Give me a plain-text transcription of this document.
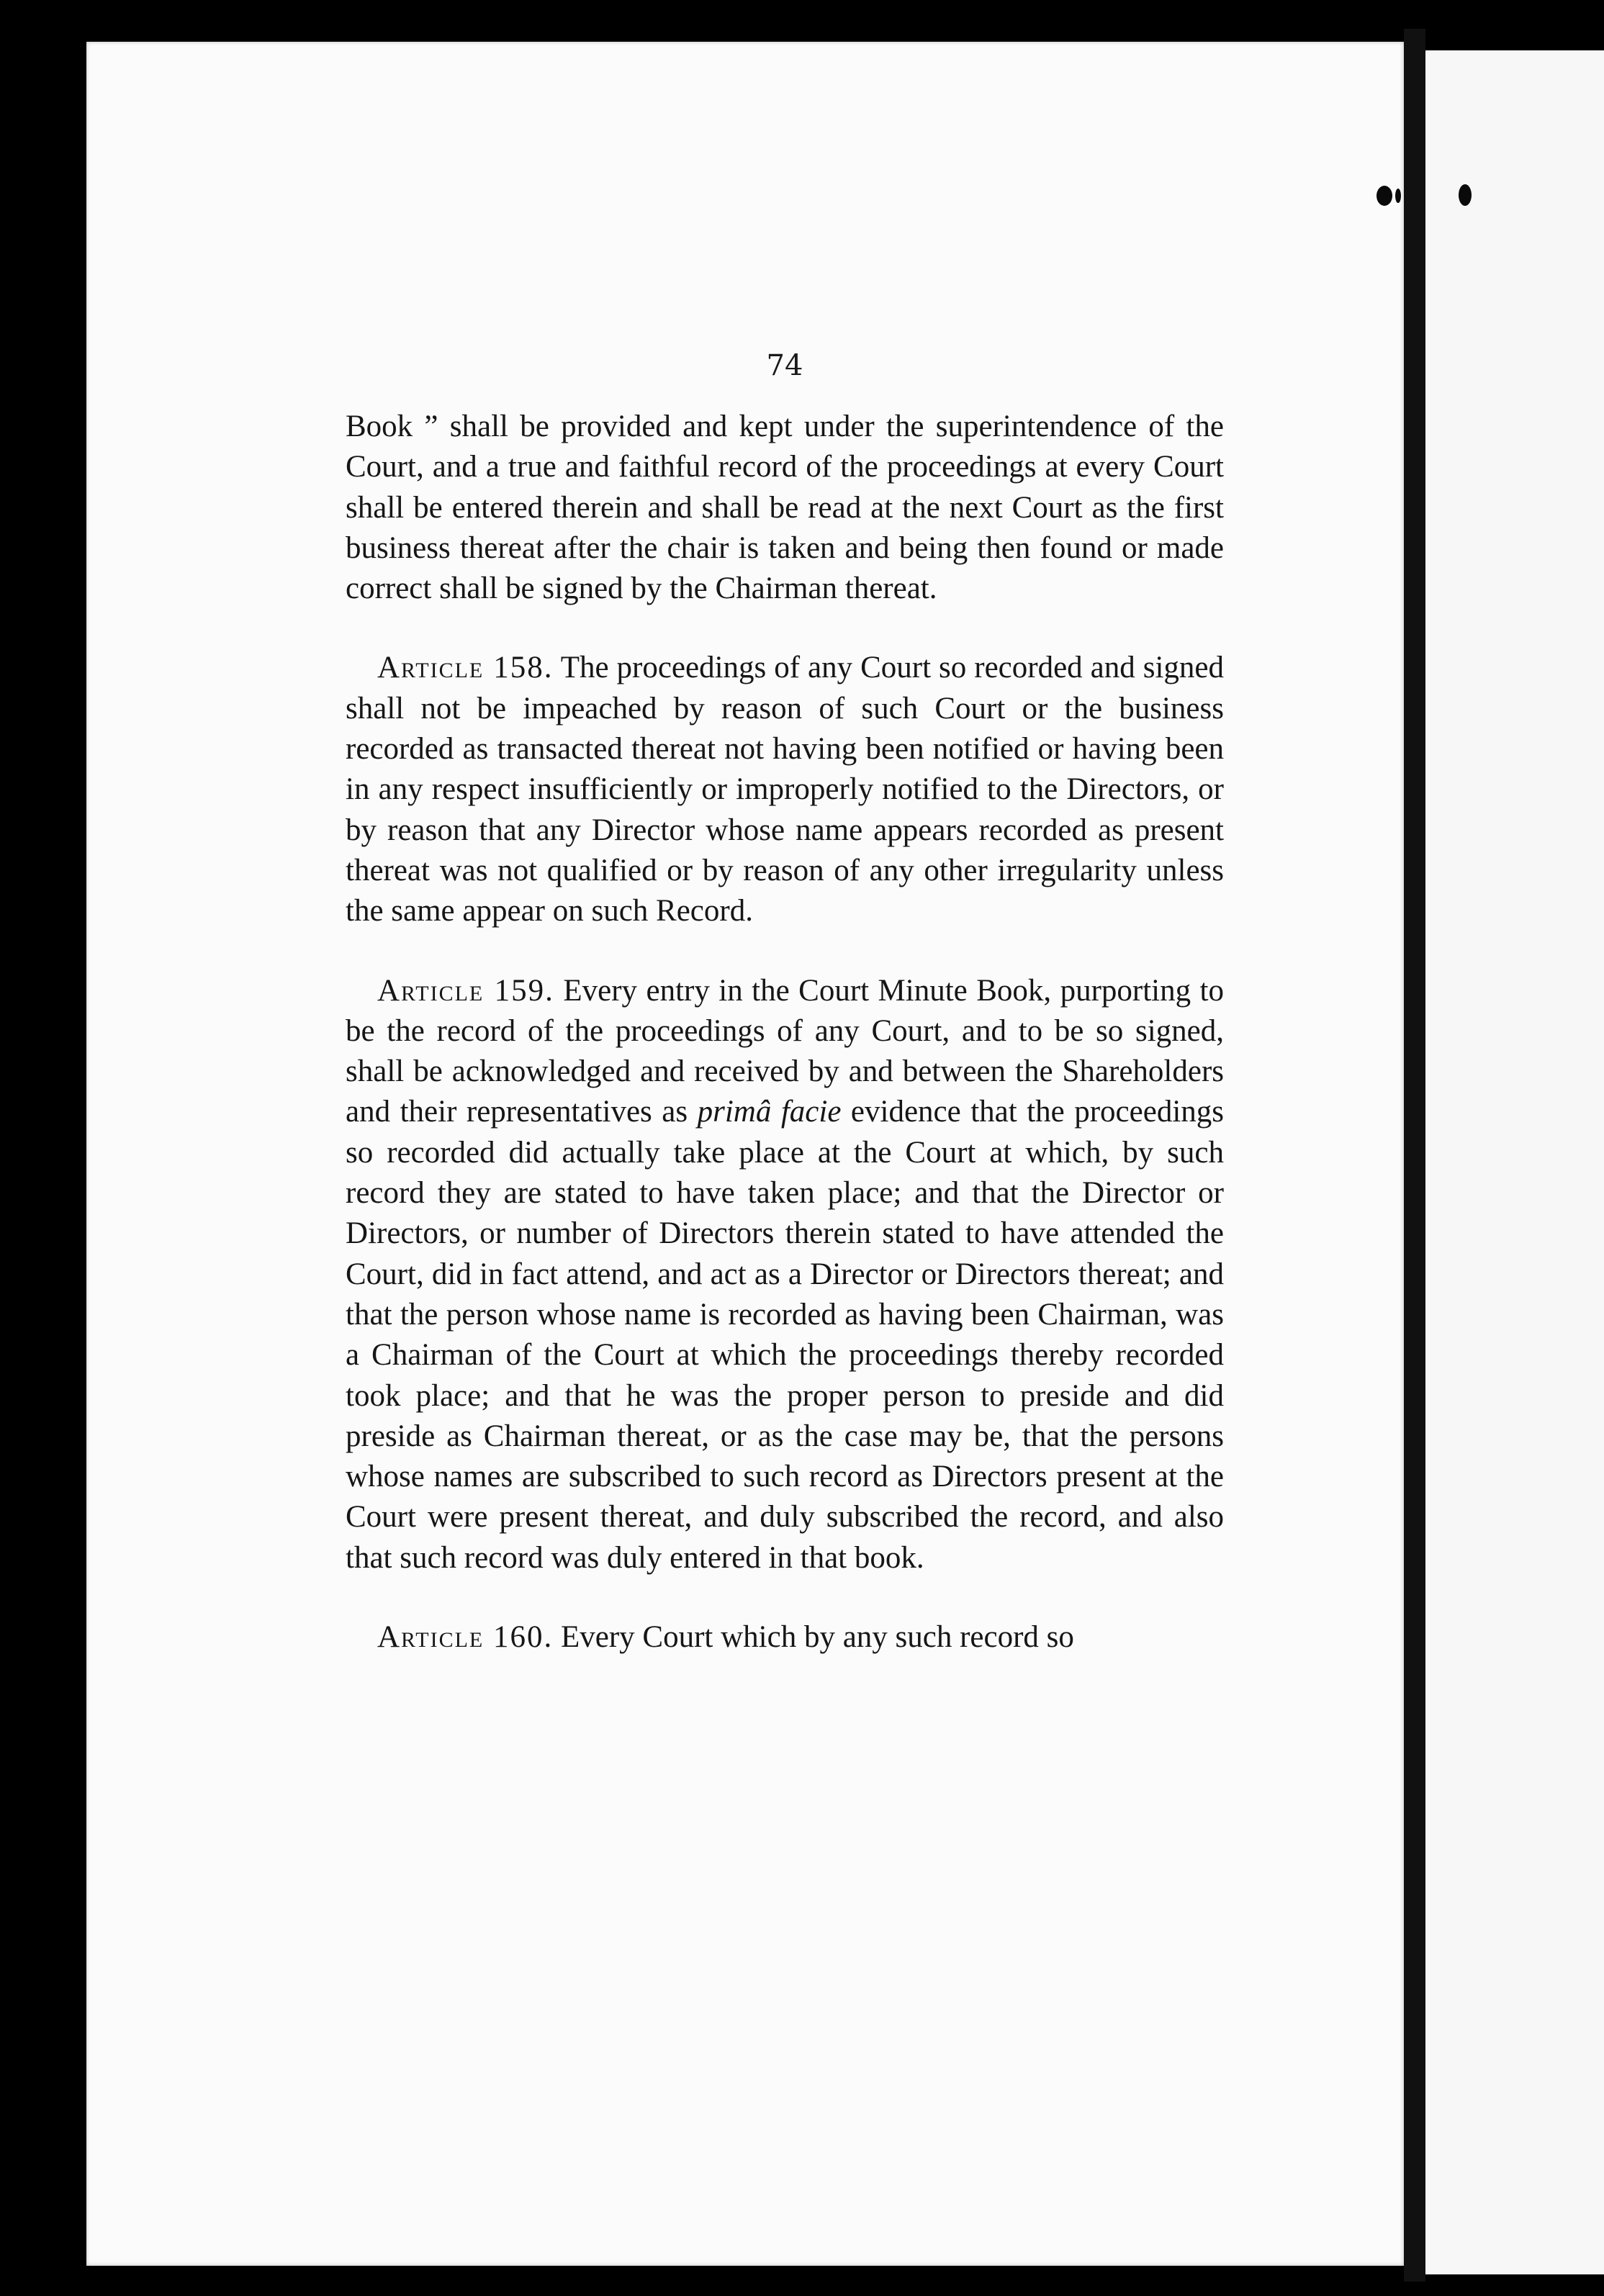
74

Book ” shall be provided and kept under the superintendence of the Court, and a true and faithful record of the proceedings at every Court shall be entered therein and shall be read at the next Court as the first business thereat after the chair is taken and being then found or made correct shall be signed by the Chairman thereat.

Article 158. The proceedings of any Court so recorded and signed shall not be impeached by reason of such Court or the business recorded as transacted thereat not having been notified or having been in any respect insufficiently or improperly notified to the Directors, or by reason that any Director whose name appears recorded as present thereat was not qualified or by reason of any other irregularity unless the same appear on such Record.

Article 159. Every entry in the Court Minute Book, purporting to be the record of the proceedings of any Court, and to be so signed, shall be acknowledged and received by and between the Shareholders and their representatives as primâ facie evidence that the proceedings so recorded did actually take place at the Court at which, by such record they are stated to have taken place; and that the Director or Directors, or number of Directors therein stated to have attended the Court, did in fact attend, and act as a Director or Directors thereat; and that the person whose name is recorded as having been Chairman, was a Chairman of the Court at which the proceedings thereby recorded took place; and that he was the proper person to preside and did preside as Chairman thereat, or as the case may be, that the persons whose names are subscribed to such record as Directors present at the Court were present thereat, and duly subscribed the record, and also that such record was duly entered in that book.

Article 160. Every Court which by any such record so
